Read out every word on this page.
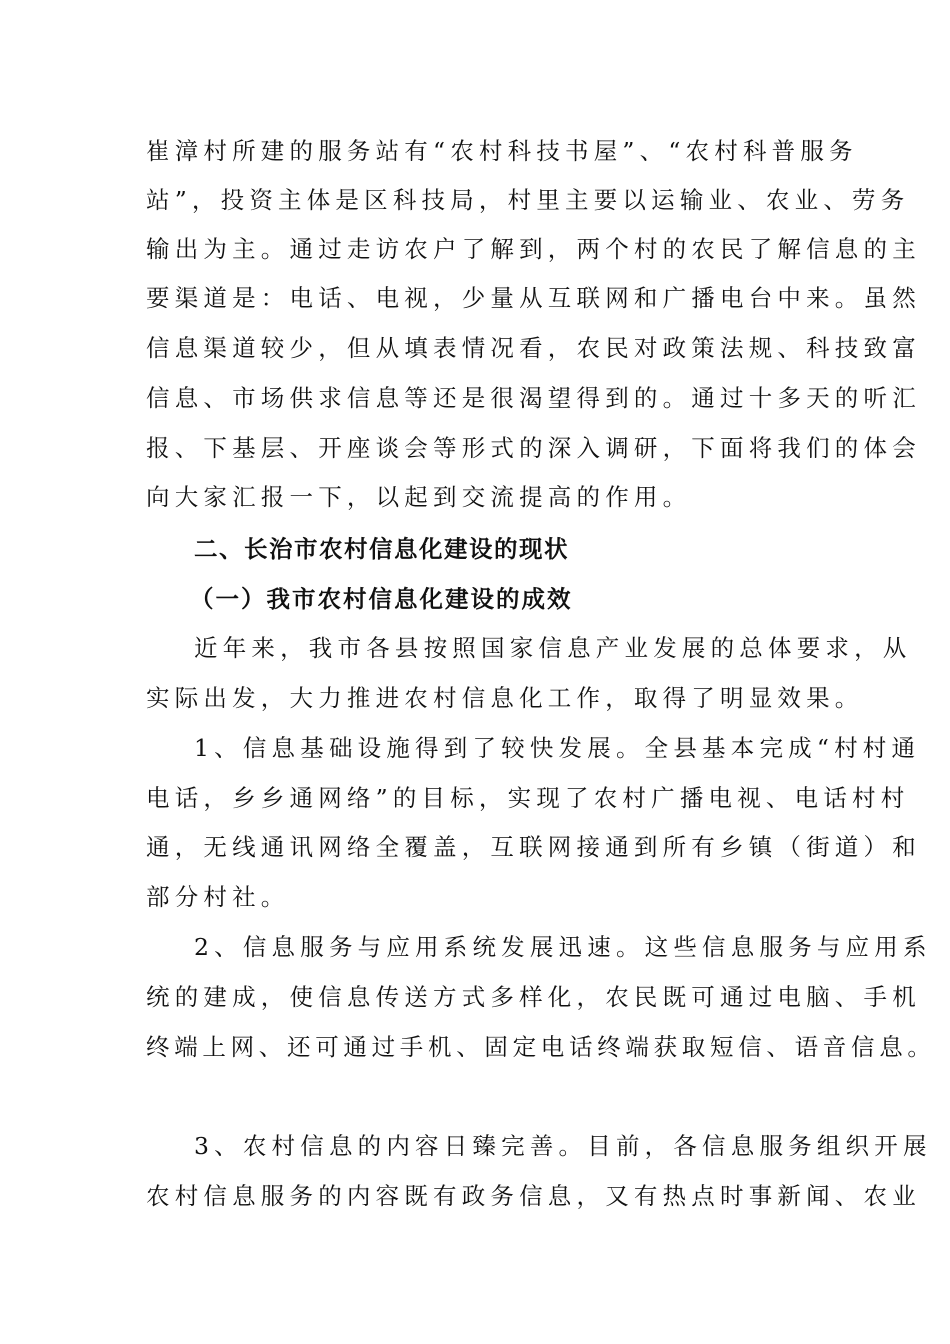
崔漳村所建的服务站有“农村科技书屋”、“农村科普服务
站”，投资主体是区科技局，村里主要以运输业、农业、劳务
输出为主。通过走访农户了解到，两个村的农民了解信息的主
要渠道是：电话、电视，少量从互联网和广播电台中来。虽然
信息渠道较少，但从填表情况看，农民对政策法规、科技致富
信息、市场供求信息等还是很渴望得到的。通过十多天的听汇
报、下基层、开座谈会等形式的深入调研，下面将我们的体会
向大家汇报一下，以起到交流提高的作用。
二、长治市农村信息化建设的现状
（一）我市农村信息化建设的成效
近年来，我市各县按照国家信息产业发展的总体要求，从
实际出发，大力推进农村信息化工作，取得了明显效果。
1、信息基础设施得到了较快发展。全县基本完成“村村通
电话，乡乡通网络”的目标，实现了农村广播电视、电话村村
通，无线通讯网络全覆盖，互联网接通到所有乡镇（街道）和
部分村社。
2、信息服务与应用系统发展迅速。这些信息服务与应用系
统的建成，使信息传送方式多样化，农民既可通过电脑、手机
终端上网、还可通过手机、固定电话终端获取短信、语音信息。
3、农村信息的内容日臻完善。目前，各信息服务组织开展
农村信息服务的内容既有政务信息，又有热点时事新闻、农业
